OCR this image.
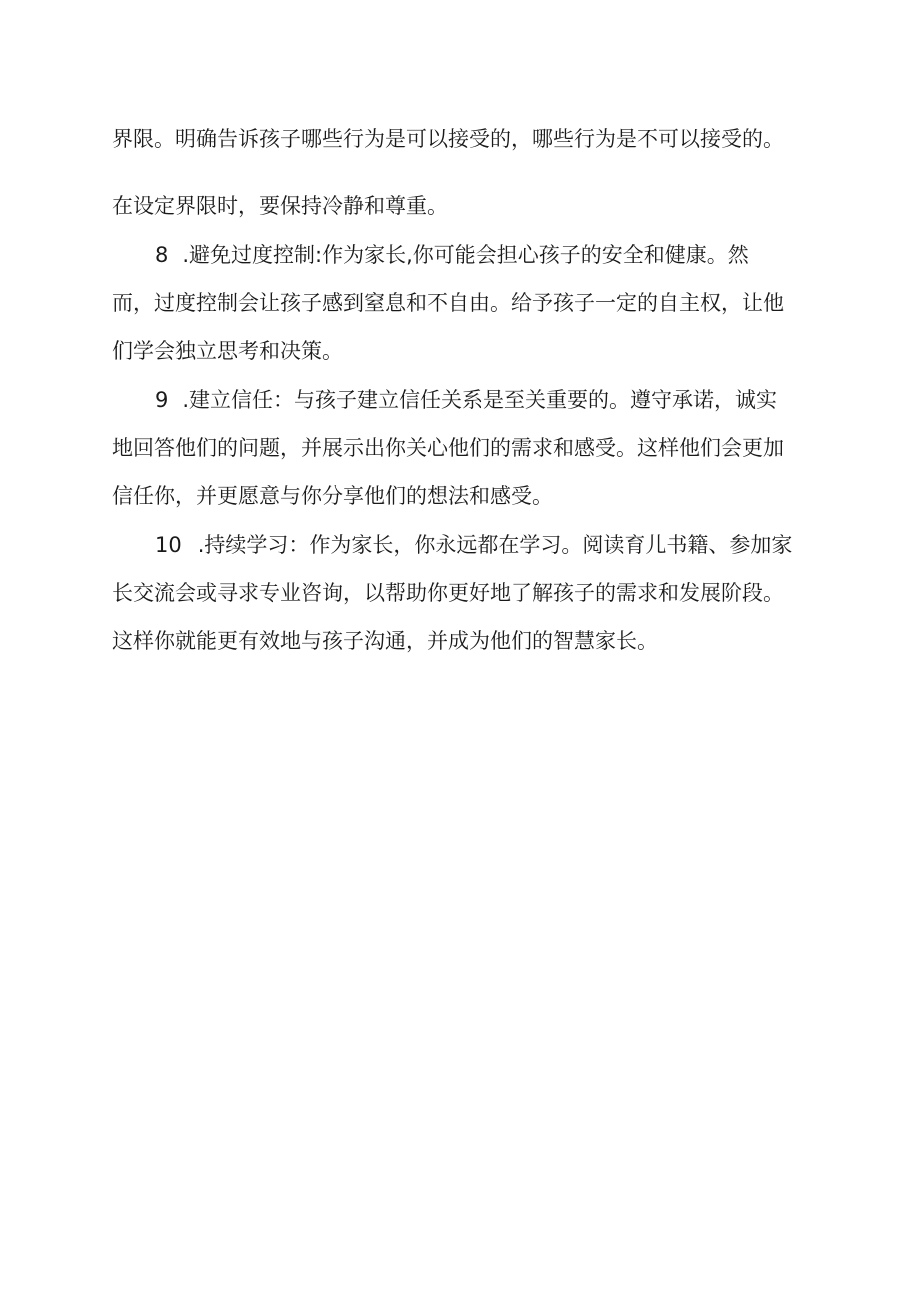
界限。明确告诉孩子哪些行为是可以接受的，哪些行为是不可以接受的。
在设定界限时，要保持冷静和尊重。
8 .避免过度控制:作为家长,你可能会担心孩子的安全和健康。然
而，过度控制会让孩子感到窒息和不自由。给予孩子一定的自主权，让他
们学会独立思考和决策。
9 .建立信任：与孩子建立信任关系是至关重要的。遵守承诺，诚实
地回答他们的问题，并展示出你关心他们的需求和感受。这样他们会更加
信任你，并更愿意与你分享他们的想法和感受。
10 .持续学习：作为家长，你永远都在学习。阅读育儿书籍、参加家
长交流会或寻求专业咨询，以帮助你更好地了解孩子的需求和发展阶段。
这样你就能更有效地与孩子沟通，并成为他们的智慧家长。
